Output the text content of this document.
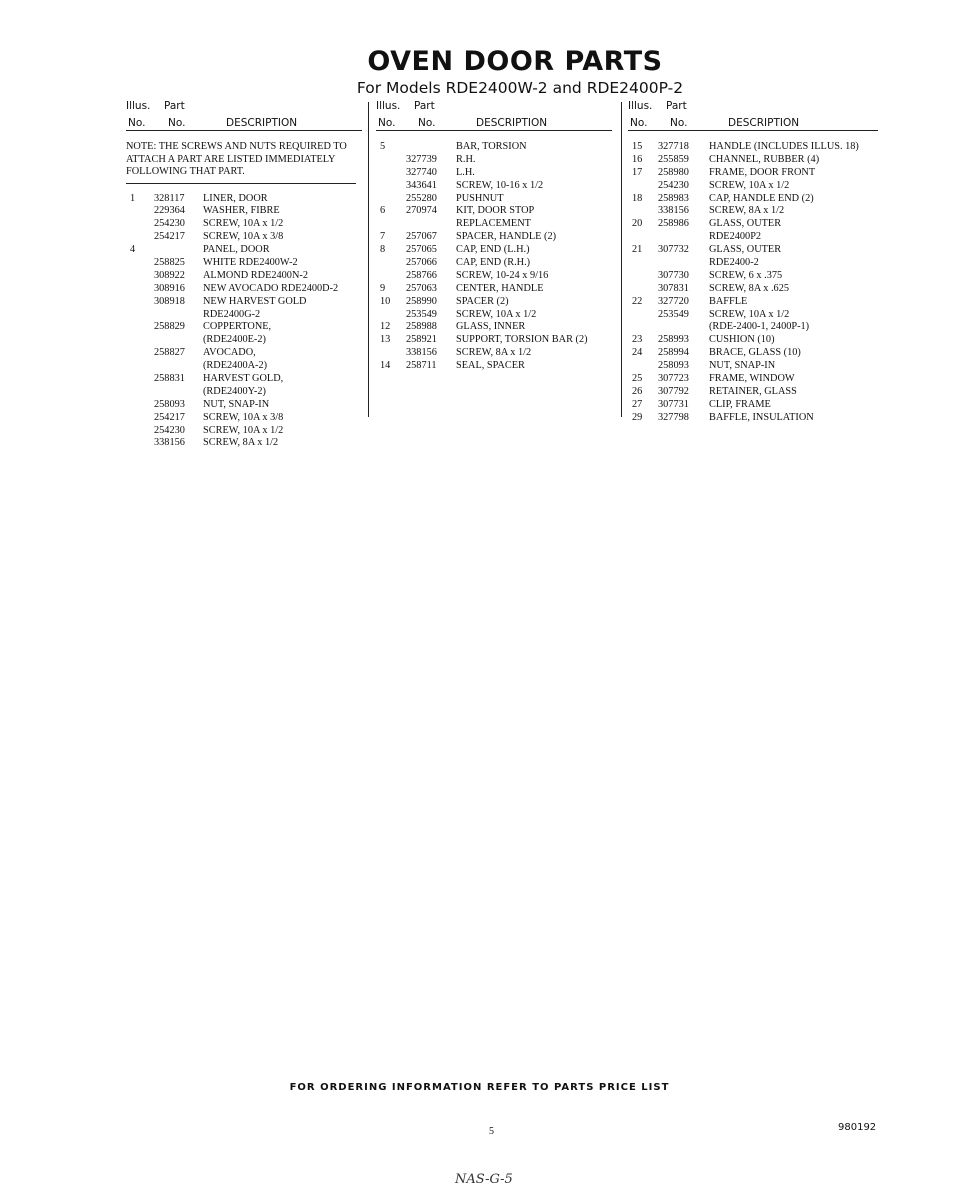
OVEN DOOR PARTS
For Models RDE2400W-2 and RDE2400P-2
Illus. Part
No. No.	DESCRIPTION
NOTE: THE SCREWS AND NUTS REQUIRED TO ATTACH A PART ARE LISTED IMMEDIATELY FOLLOWING THAT PART.
1 328117 LINER, DOOR
229364 WASHER, FIBRE
254230 SCREW, 10A x 1/2
254217 SCREW, 10A x 3/8
4	PANEL, DOOR
258825 WHITE RDE2400W-2
308922 ALMOND RDE2400N-2
308916 NEW AVOCADO RDE2400D-2
308918 NEW HARVEST GOLD
RDE2400G-2
258829 COPPERTONE,
(RDE2400E-2)
258827 AVOCADO,
(RDE2400A-2)
258831 HARVEST GOLD,
(RDE2400Y-2)
258093 NUT, SNAP-IN
254217 SCREW, 10A x 3/8
254230 SCREW, 10A x 1/2
338156 SCREW, 8A x 1/2
Illus. Part
No. No.	DESCRIPTION
5	BAR, TORSION
327739 R.H.
327740 L.H.
343641 SCREW, 10-16 x 1/2
255280 PUSHNUT
6 270974 KIT, DOOR STOP
REPLACEMENT
7 257067 SPACER, HANDLE (2)
8 257065 CAP, END (L.H.)
257066 CAP, END (R.H.)
258766 SCREW, 10-24 x 9/16
9 257063 CENTER, HANDLE
10 258990 SPACER (2)
253549 SCREW, 10A x 1/2
12 258988 GLASS, INNER
13 258921 SUPPORT, TORSION BAR (2)
338156 SCREW, 8A x 1/2
14 258711 SEAL, SPACER
Illus. Part
No. No.	DESCRIPTION
15 327718 HANDLE (INCLUDES ILLUS. 18)
16 255859 CHANNEL, RUBBER (4)
17 258980 FRAME, DOOR FRONT
254230 SCREW, 10A x 1/2
18 258983 CAP, HANDLE END (2)
338156 SCREW, 8A x 1/2
20 258986 GLASS, OUTER
RDE2400P2
21 307732 GLASS, OUTER
RDE2400-2
307730 SCREW, 6 x .375
307831 SCREW, 8A x .625
22 327720 BAFFLE
253549 SCREW, 10A x 1/2
(RDE-2400-1, 2400P-1)
23 258993 CUSHION (10)
24 258994 BRACE, GLASS (10)
258093 NUT, SNAP-IN
25 307723 FRAME, WINDOW
26 307792 RETAINER, GLASS
27 307731 CLIP, FRAME
29 327798 BAFFLE, INSULATION
FOR ORDERING INFORMATION REFER TO PARTS PRICE LIST
5	980192
NAS-G-5
